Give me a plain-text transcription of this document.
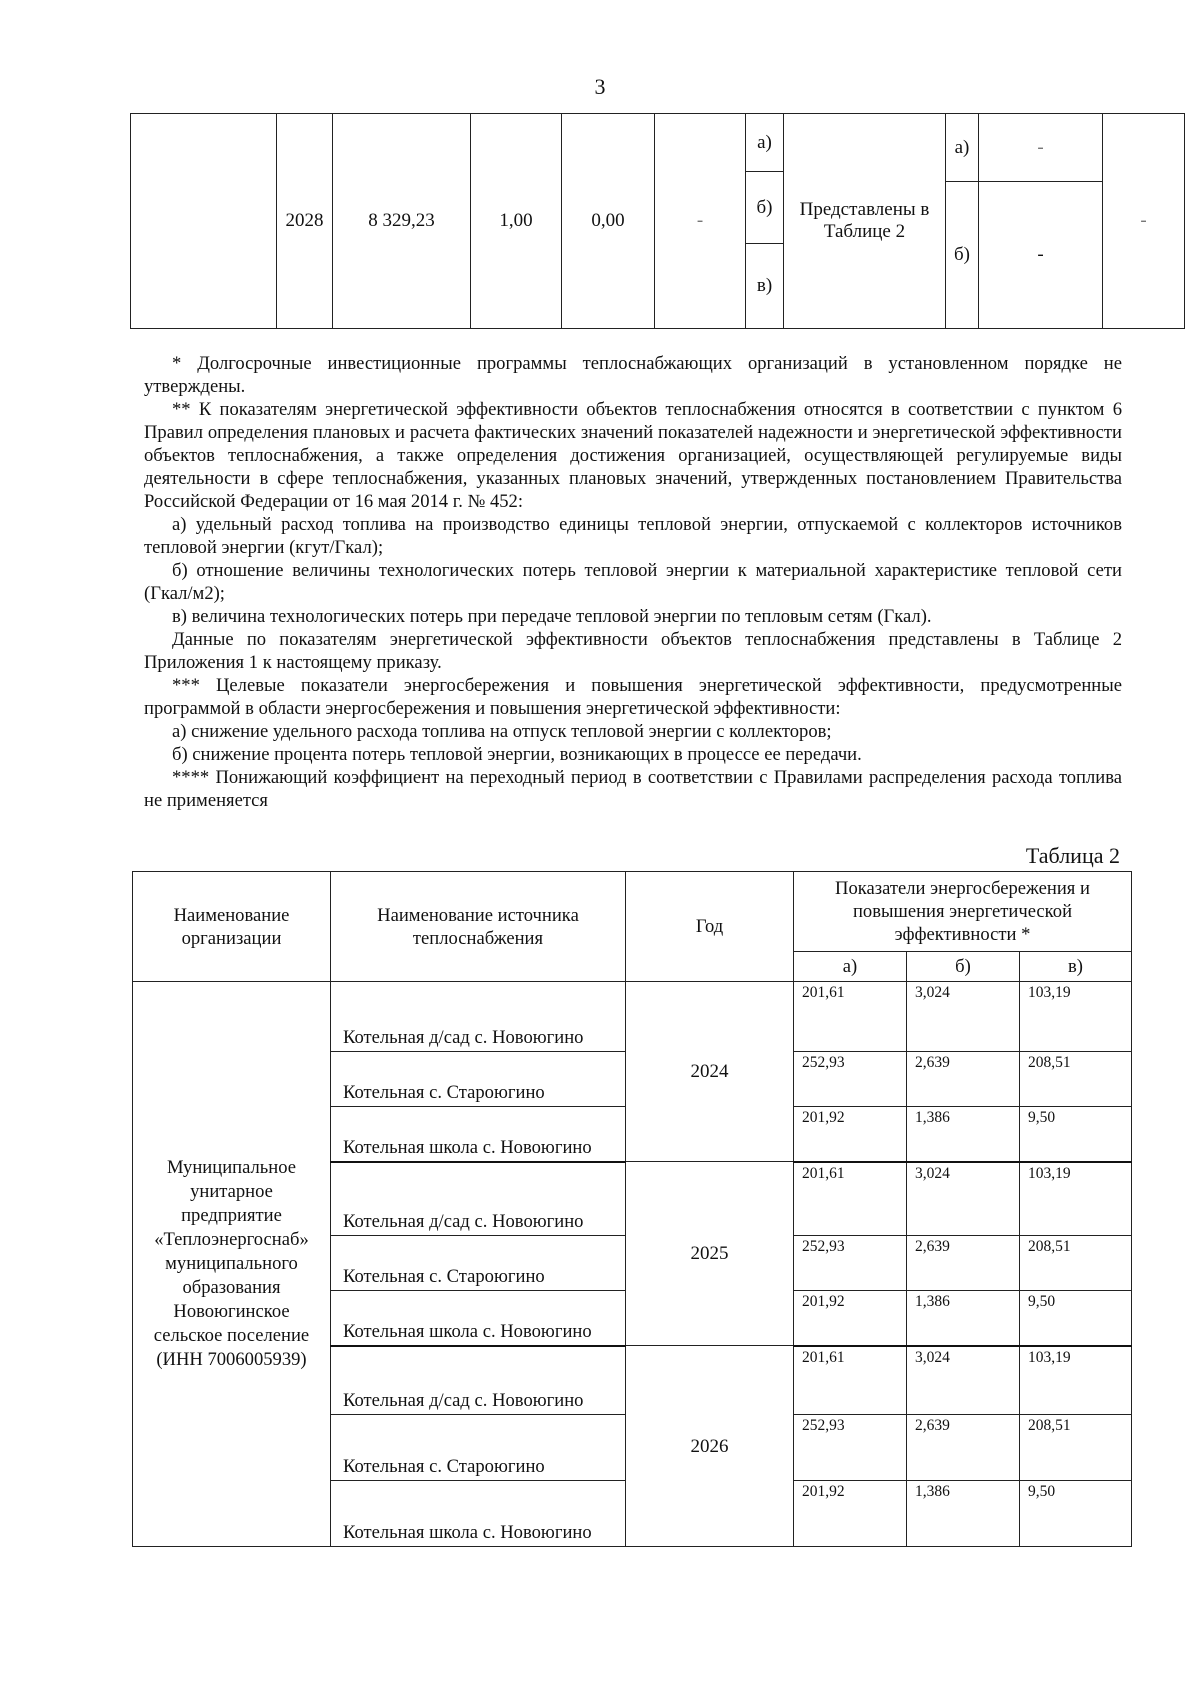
3
	2028	8 329,23	1,00	0,00	-	а)	Представлены в Таблице 2	а)	-	-
						б)				
								б)	-	
						в)				

* Долгосрочные инвестиционные программы теплоснабжающих организаций в установленном порядке не утверждены.

** К показателям энергетической эффективности объектов теплоснабжения относятся в соответствии с пунктом 6 Правил определения плановых и расчета фактических значений показателей надежности и энергетической эффективности объектов теплоснабжения, а также определения достижения организацией, осуществляющей регулируемые виды деятельности в сфере теплоснабжения, указанных плановых значений, утвержденных постановлением Правительства Российской Федерации от 16 мая 2014 г. № 452:

а) удельный расход топлива на производство единицы тепловой энергии, отпускаемой с коллекторов источников тепловой энергии (кгут/Гкал);

б) отношение величины технологических потерь тепловой энергии к материальной характеристике тепловой сети (Гкал/м2);

в) величина технологических потерь при передаче тепловой энергии по тепловым сетям (Гкал).

Данные по показателям энергетической эффективности объектов теплоснабжения представлены в Таблице 2 Приложения 1 к настоящему приказу.

*** Целевые показатели энергосбережения и повышения энергетической эффективности, предусмотренные программой в области энергосбережения и повышения энергетической эффективности:

а) снижение удельного расхода топлива на отпуск тепловой энергии с коллекторов;

б) снижение процента потерь тепловой энергии, возникающих в процессе ее передачи.

**** Понижающий коэффициент на переходный период в соответствии с Правилами распределения расхода топлива не применяется

Таблица 2
Наименование организации	Наименование источника теплоснабжения	Год	Показатели энергосбережения и повышения энергетической эффективности *		
			а)	б)	в)
Муниципальное унитарное предприятие «Теплоэнергоснаб» муниципального образования Новоюгинское сельское поселение (ИНН 7006005939)	Котельная д/сад с. Новоюгино	2024	201,61	3,024	103,19
	Котельная с. Староюгино		252,93	2,639	208,51
	Котельная школа с. Новоюгино		201,92	1,386	9,50
	Котельная д/сад с. Новоюгино	2025	201,61	3,024	103,19
	Котельная с. Староюгино		252,93	2,639	208,51
	Котельная школа с. Новоюгино		201,92	1,386	9,50
	Котельная д/сад с. Новоюгино	2026	201,61	3,024	103,19
	Котельная с. Староюгино		252,93	2,639	208,51
	Котельная школа с. Новоюгино		201,92	1,386	9,50
